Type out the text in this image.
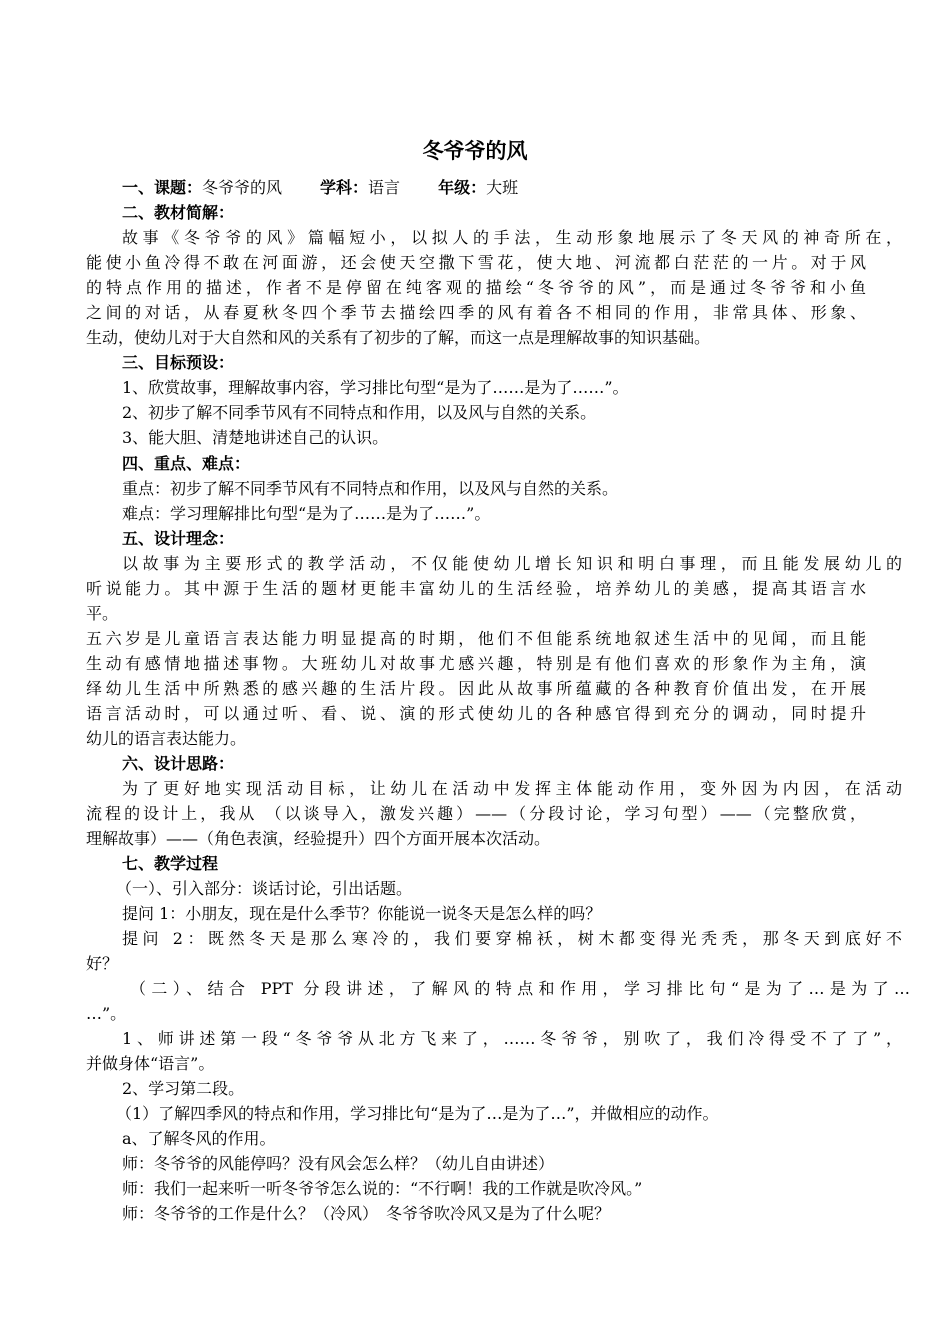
冬爷爷的风
一、课题：冬爷爷的风 学科：语言 年级：大班
二、教材简解：
故事《冬爷爷的风》篇幅短小，以拟人的手法，生动形象地展示了冬天风的神奇所在，
能使小鱼冷得不敢在河面游，还会使天空撒下雪花，使大地、河流都白茫茫的一片。对于风
的特点作用的描述，作者不是停留在纯客观的描绘“冬爷爷的风”，而是通过冬爷爷和小鱼
之间的对话，从春夏秋冬四个季节去描绘四季的风有着各不相同的作用，非常具体、形象、
生动，使幼儿对于大自然和风的关系有了初步的了解，而这一点是理解故事的知识基础。
三、目标预设：
1、欣赏故事，理解故事内容，学习排比句型“是为了……是为了……”。
2、初步了解不同季节风有不同特点和作用，以及风与自然的关系。
3、能大胆、清楚地讲述自己的认识。
四、重点、难点：
重点：初步了解不同季节风有不同特点和作用，以及风与自然的关系。
难点：学习理解排比句型“是为了……是为了……”。
五、设计理念：
以故事为主要形式的教学活动，不仅能使幼儿增长知识和明白事理，而且能发展幼儿的
听说能力。其中源于生活的题材更能丰富幼儿的生活经验，培养幼儿的美感，提高其语言水
平。
五六岁是儿童语言表达能力明显提高的时期，他们不但能系统地叙述生活中的见闻，而且能
生动有感情地描述事物。大班幼儿对故事尤感兴趣，特别是有他们喜欢的形象作为主角，演
绎幼儿生活中所熟悉的感兴趣的生活片段。因此从故事所蕴藏的各种教育价值出发，在开展
语言活动时，可以通过听、看、说、演的形式使幼儿的各种感官得到充分的调动，同时提升
幼儿的语言表达能力。
六、设计思路：
为了更好地实现活动目标，让幼儿在活动中发挥主体能动作用，变外因为内因，在活动
流程的设计上，我从 （以谈导入，激发兴趣）——（分段讨论，学习句型）——（完整欣赏，
理解故事）——（角色表演，经验提升）四个方面开展本次活动。
七、教学过程
（一）、引入部分：谈话讨论，引出话题。
提问 1：小朋友，现在是什么季节？你能说一说冬天是怎么样的吗？
提问 2：既然冬天是那么寒冷的，我们要穿棉袄，树木都变得光秃秃，那冬天到底好不
好？
（二）、结合 PPT 分段讲述，了解风的特点和作用，学习排比句“是为了…是为了…
…”。
1、师讲述第一段“冬爷爷从北方飞来了，……冬爷爷，别吹了，我们冷得受不了了”，
并做身体“语言”。
2、学习第二段。
（1）了解四季风的特点和作用，学习排比句“是为了…是为了…”，并做相应的动作。
a、了解冬风的作用。
师：冬爷爷的风能停吗？没有风会怎么样？（幼儿自由讲述）
师：我们一起来听一听冬爷爷怎么说的：“不行啊！我的工作就是吹冷风。”
师：冬爷爷的工作是什么？（冷风）　冬爷爷吹冷风又是为了什么呢？
